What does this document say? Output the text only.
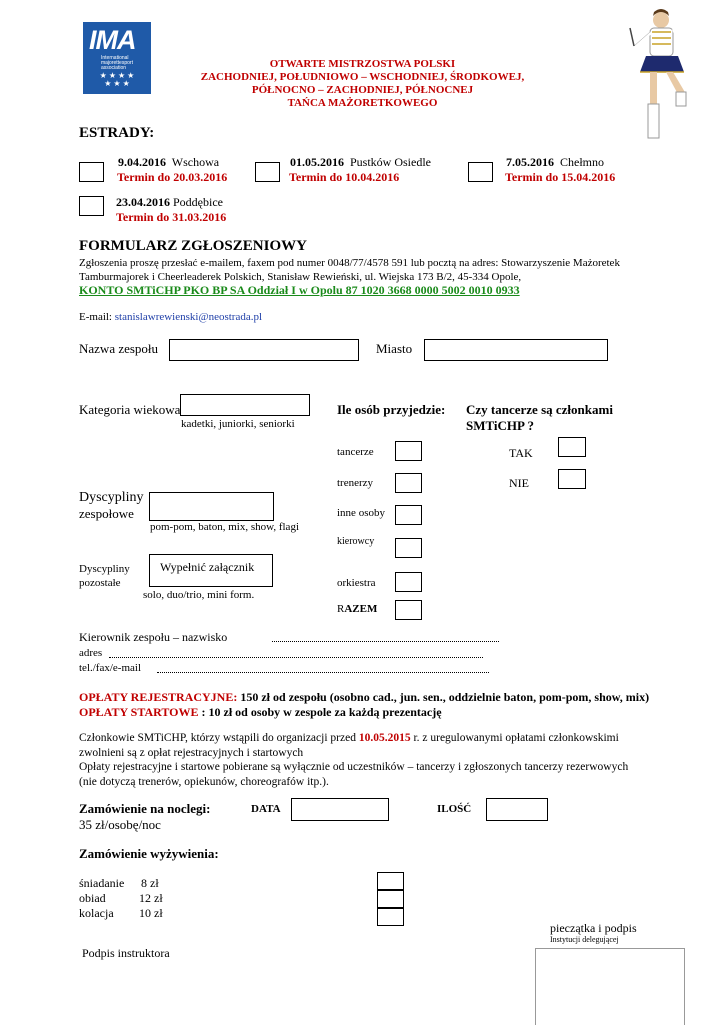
IMA
International
majorettesport
association
★ ★ ★ ★
★ ★ ★
OTWARTE MISTRZOSTWA POLSKI
ZACHODNIEJ, POŁUDNIOWO – WSCHODNIEJ, ŚRODKOWEJ,
PÓŁNOCNO – ZACHODNIEJ, PÓŁNOCNEJ
TAŃCA MAŻORETKOWEGO
ESTRADY:
9.04.2016 Wschowa
Termin do 20.03.2016
01.05.2016 Pustków Osiedle
Termin do 10.04.2016
7.05.2016 Chełmno
Termin do 15.04.2016
23.04.2016 Poddębice
Termin do 31.03.2016
FORMULARZ ZGŁOSZENIOWY
Zgłoszenia proszę przesłać e-mailem, faxem pod numer 0048/77/4578 591 lub pocztą na adres: Stowarzyszenie Mażoretek
Tamburmajorek i Cheerleaderek Polskich, Stanisław Rewieński, ul. Wiejska 173 B/2, 45-334 Opole,
KONTO SMTiCHP PKO BP SA Oddział I w Opolu 87 1020 3668 0000 5002 0010 0933
E-mail: stanislawrewienski@neostrada.pl
Nazwa zespołu	Miasto
Kategoria wiekowa
kadetki, juniorki, seniorki
Ile osób przyjedzie: Czy tancerze są członkami
SMTiCHP ?
tancerze
trenerzy
inne osoby
kierowcy
orkiestra
RAZEM
TAK
NIE
Dyscypliny
zespołowe
pom-pom, baton, mix, show, flagi
Dyscypliny
pozostałe
Wypełnić załącznik
solo, duo/trio, mini form.
Kierownik zespołu – nazwisko
adres
tel./fax/e-mail
OPŁATY REJESTRACYJNE: 150 zł od zespołu (osobno cad., jun. sen., oddzielnie baton, pom-pom, show, mix)
OPŁATY STARTOWE : 10 zł od osoby w zespole za każdą prezentację
Członkowie SMTiCHP, którzy wstąpili do organizacji przed 10.05.2015 r. z uregulowanymi opłatami członkowskimi
zwolnieni są z opłat rejestracyjnych i startowych
Opłaty rejestracyjne i startowe pobierane są wyłącznie od uczestników – tancerzy i zgłoszonych tancerzy rezerwowych
(nie dotyczą trenerów, opiekunów, choreografów itp.).
Zamówienie na noclegi:
35 zł/osobę/noc
DATA	ILOŚĆ
Zamówienie wyżywienia:
śniadanie 8 zł
obiad	12 zł
kolacja 10 zł
pieczątka i podpis
Instytucji delegującej
Podpis instruktora
